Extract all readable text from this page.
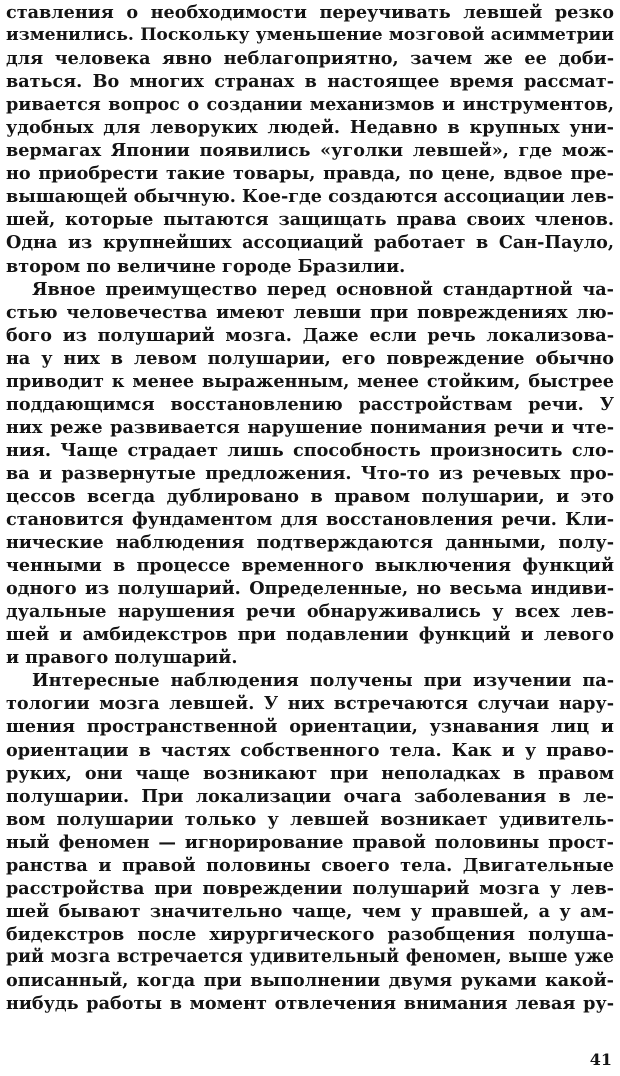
ставления о необходимости переучивать левшей резко
изменились. Поскольку уменьшение мозговой асимметрии
для человека явно неблагоприятно, зачем же ее доби-
ваться. Во многих странах в настоящее время рассмат-
ривается вопрос о создании механизмов и инструментов,
удобных для леворуких людей. Недавно в крупных уни-
вермагах Японии появились «уголки левшей», где мож-
но приобрести такие товары, правда, по цене, вдвое пре-
вышающей обычную. Кое-где создаются ассоциации лев-
шей, которые пытаются защищать права своих членов.
Одна из крупнейших ассоциаций работает в Сан-Пауло,
втором по величине городе Бразилии.
Явное преимущество перед основной стандартной ча-
стью человечества имеют левши при повреждениях лю-
бого из полушарий мозга. Даже если речь локализова-
на у них в левом полушарии, его повреждение обычно
приводит к менее выраженным, менее стойким, быстрее
поддающимся восстановлению расстройствам речи. У
них реже развивается нарушение понимания речи и чте-
ния. Чаще страдает лишь способность произносить сло-
ва и развернутые предложения. Что-то из речевых про-
цессов всегда дублировано в правом полушарии, и это
становится фундаментом для восстановления речи. Кли-
нические наблюдения подтверждаются данными, полу-
ченными в процессе временного выключения функций
одного из полушарий. Определенные, но весьма индиви-
дуальные нарушения речи обнаруживались у всех лев-
шей и амбидекстров при подавлении функций и левого
и правого полушарий.
Интересные наблюдения получены при изучении па-
тологии мозга левшей. У них встречаются случаи нару-
шения пространственной ориентации, узнавания лиц и
ориентации в частях собственного тела. Как и у право-
руких, они чаще возникают при неполадках в правом
полушарии. При локализации очага заболевания в ле-
вом полушарии только у левшей возникает удивитель-
ный феномен — игнорирование правой половины прост-
ранства и правой половины своего тела. Двигательные
расстройства при повреждении полушарий мозга у лев-
шей бывают значительно чаще, чем у правшей, а у ам-
бидекстров после хирургического разобщения полуша-
рий мозга встречается удивительный феномен, выше уже
описанный, когда при выполнении двумя руками какой-
нибудь работы в момент отвлечения внимания левая ру-
41
